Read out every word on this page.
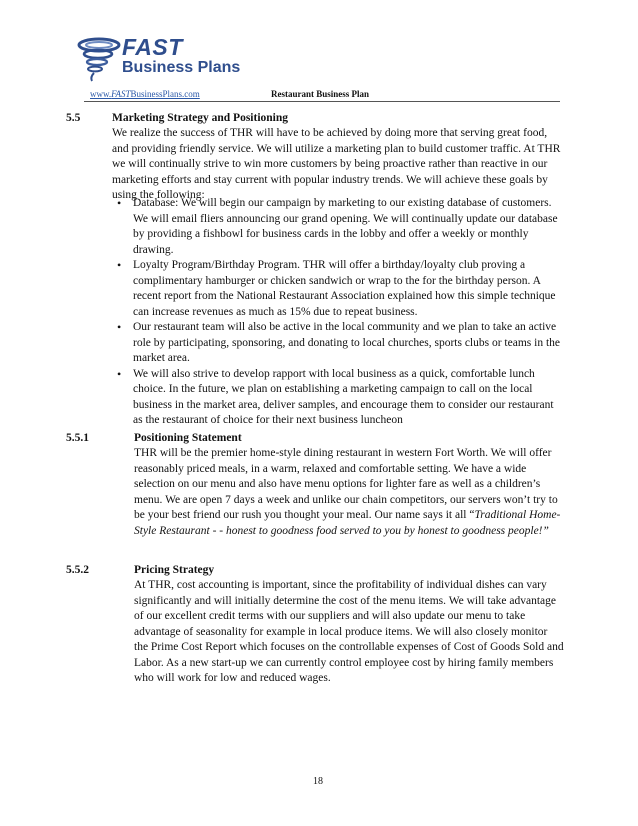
FAST
Business Plans
www.FASTBusinessPlans.com	Restaurant Business Plan
5.5	Marketing Strategy and Positioning
We realize the success of THR will have to be achieved by doing more that serving great food, and providing friendly service. We will utilize a marketing plan to build customer traffic. At THR we will continually strive to win more customers by being proactive rather than reactive in our marketing efforts and stay current with popular industry trends. We will achieve these goals by using the following:
• Database: We will begin our campaign by marketing to our existing database of customers. We will email fliers announcing our grand opening. We will continually update our database by providing a fishbowl for business cards in the lobby and offer a weekly or monthly drawing.
• Loyalty Program/Birthday Program. THR will offer a birthday/loyalty club proving a complimentary hamburger or chicken sandwich or wrap to the for the birthday person. A recent report from the National Restaurant Association explained how this simple technique can increase revenues as much as 15% due to repeat business.
• Our restaurant team will also be active in the local community and we plan to take an active role by participating, sponsoring, and donating to local churches, sports clubs or teams in the market area.
• We will also strive to develop rapport with local business as a quick, comfortable lunch choice. In the future, we plan on establishing a marketing campaign to call on the local business in the market area, deliver samples, and encourage them to consider our restaurant as the restaurant of choice for their next business luncheon
5.5.1	Positioning Statement
THR will be the premier home-style dining restaurant in western Fort Worth. We will offer reasonably priced meals, in a warm, relaxed and comfortable setting. We have a wide selection on our menu and also have menu options for lighter fare as well as a children’s menu. We are open 7 days a week and unlike our chain competitors, our servers won’t try to be your best friend our rush you thought your meal. Our name says it all “Traditional Home-Style Restaurant - - honest to goodness food served to you by honest to goodness people!”
5.5.2	Pricing Strategy
At THR, cost accounting is important, since the profitability of individual dishes can vary significantly and will initially determine the cost of the menu items. We will take advantage of our excellent credit terms with our suppliers and will also update our menu to take advantage of seasonality for example in local produce items. We will also closely monitor the Prime Cost Report which focuses on the controllable expenses of Cost of Goods Sold and Labor. As a new start-up we can currently control employee cost by hiring family members who will work for low and reduced wages.
18
